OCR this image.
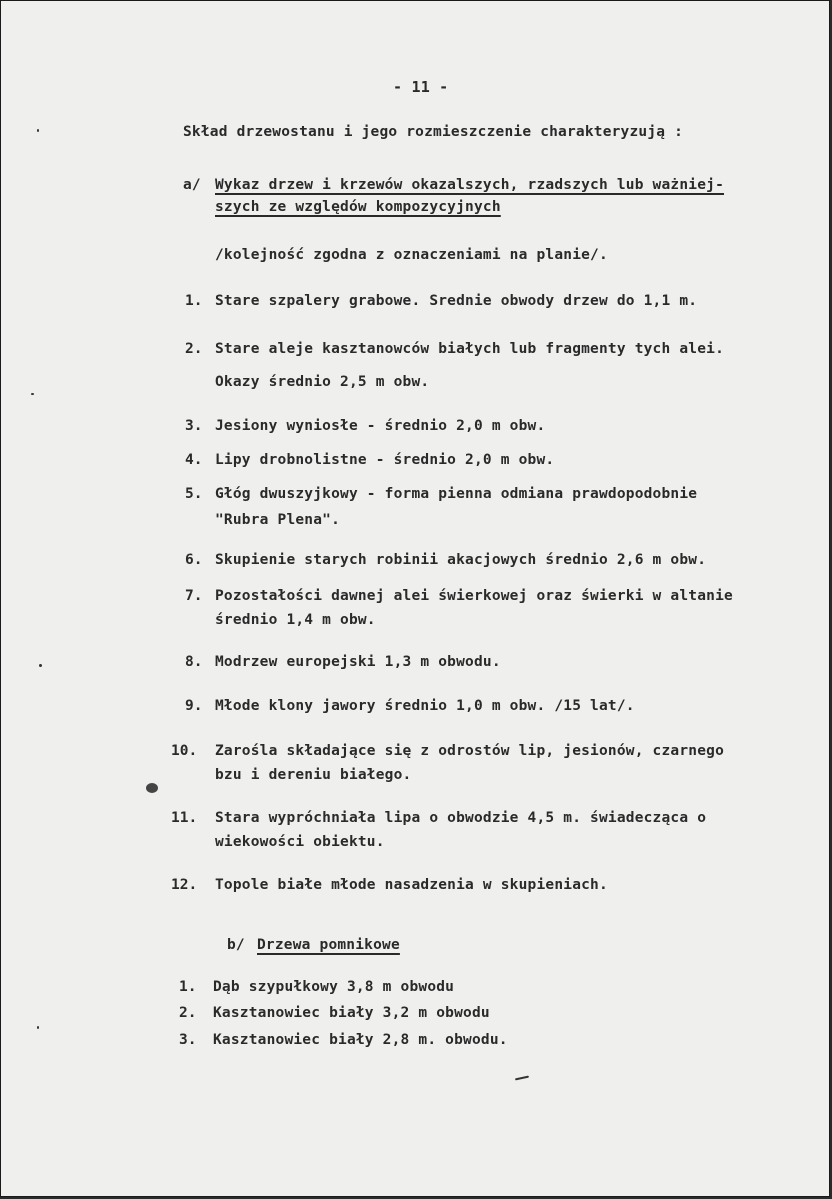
- 11 -
Skład drzewostanu i jego rozmieszczenie charakteryzują :
a/ Wykaz drzew i krzewów okazalszych, rzadszych lub ważniej-
szych ze względów kompozycyjnych
/kolejność zgodna z oznaczeniami na planie/.
1. Stare szpalery grabowe. Srednie obwody drzew do 1,1 m.
2. Stare aleje kasztanowców białych lub fragmenty tych alei.
Okazy średnio 2,5 m obw.
3. Jesiony wyniosłe - średnio 2,0 m obw.
4. Lipy drobnolistne - średnio 2,0 m obw.
5. Głóg dwuszyjkowy - forma pienna odmiana prawdopodobnie
"Rubra Plena".
6. Skupienie starych robinii akacjowych średnio 2,6 m obw.
7. Pozostałości dawnej alei świerkowej oraz świerki w altanie
średnio 1,4 m obw.
8. Modrzew europejski 1,3 m obwodu.
9. Młode klony jawory średnio 1,0 m obw. /15 lat/.
10. Zarośla składające się z odrostów lip, jesionów, czarnego
bzu i dereniu białego.
11. Stara wypróchniała lipa o obwodzie 4,5 m. świadecząca o
wiekowości obiektu.
12. Topole białe młode nasadzenia w skupieniach.
b/ Drzewa pomnikowe
1. Dąb szypułkowy 3,8 m obwodu
2. Kasztanowiec biały 3,2 m obwodu
3. Kasztanowiec biały 2,8 m. obwodu.
